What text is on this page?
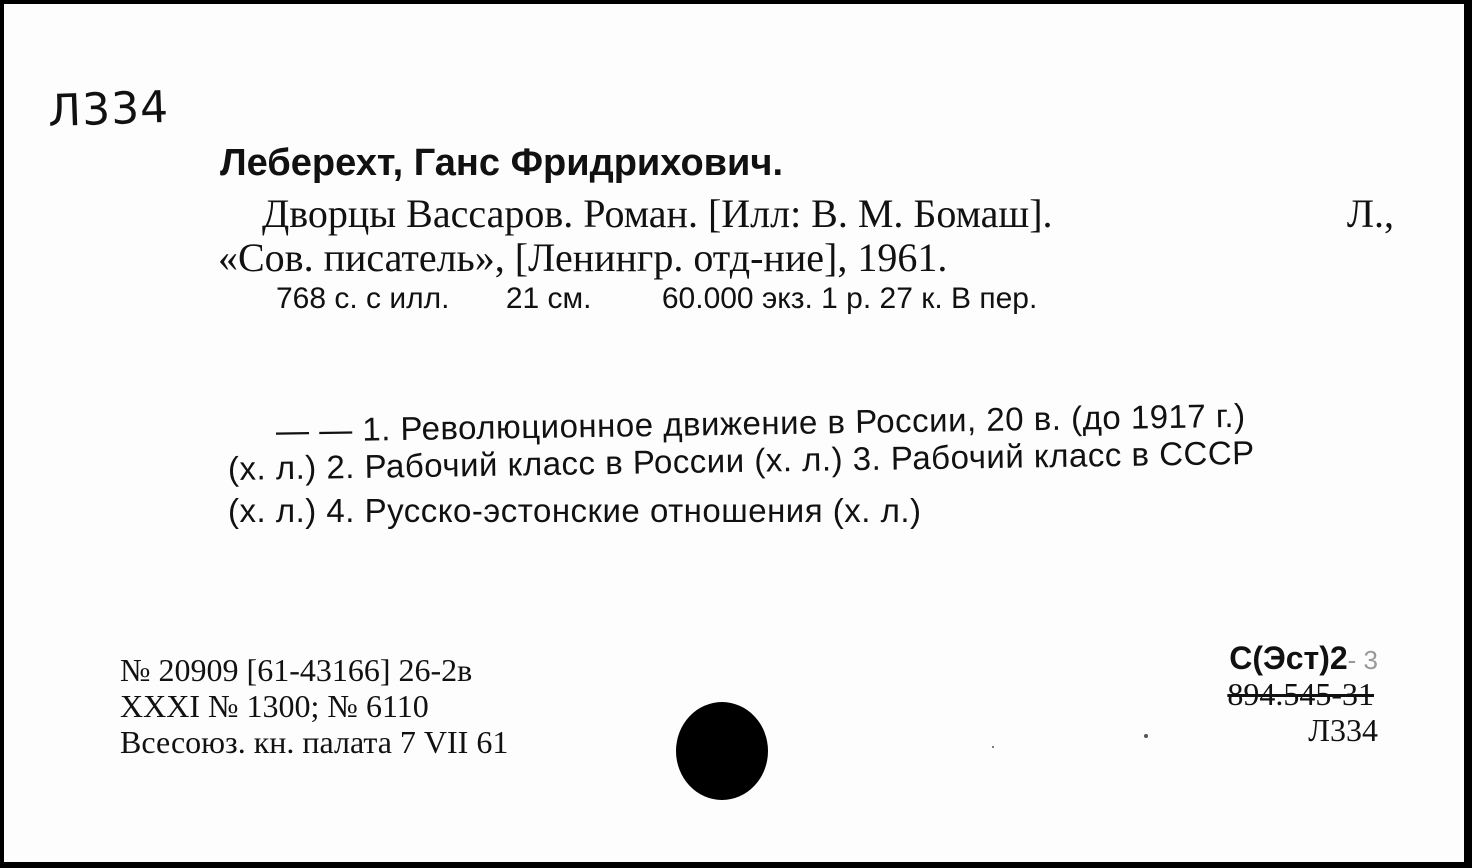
Л334
Леберехт, Ганс Фридрихович.
Дворцы Вассаров. Роман. [Илл: В. М. Бомаш].	Л.,
«Сов. писатель», [Ленингр. отд-ние], 1961.
768 с. с илл. 21 см. 60.000 экз. 1 р. 27 к. В пер.
— — 1. Революционное движение в России, 20 в. (до 1917 г.)
(х. л.) 2. Рабочий класс в России (х. л.) 3. Рабочий класс в СССР
(х. л.) 4. Русско-эстонские отношения (х. л.)
№ 20909 [61-43166] 26-2в
XXXI № 1300; № 6110
Всесоюз. кн. палата 7 VII 61
С(Эст)2- 3
894.545-31
Л334
